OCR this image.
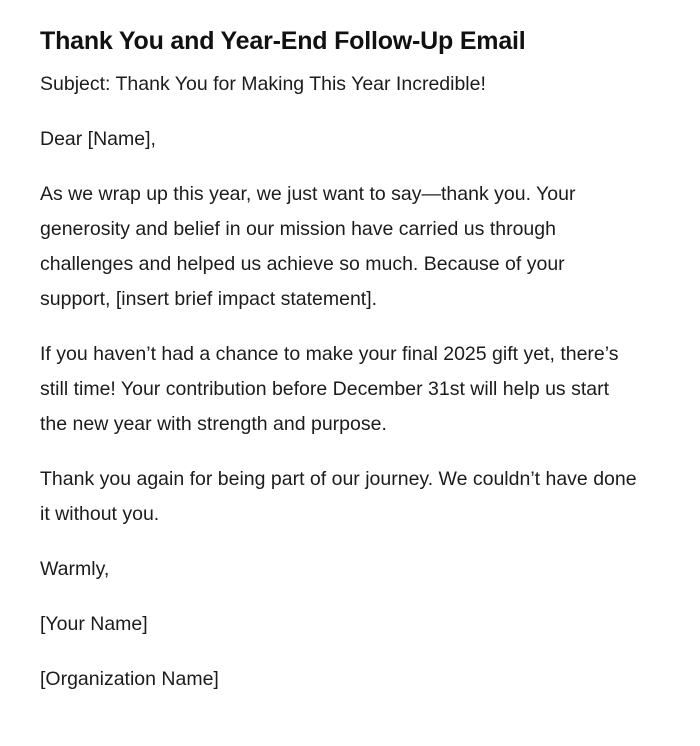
Thank You and Year-End Follow-Up Email

Subject: Thank You for Making This Year Incredible!

Dear [Name],

As we wrap up this year, we just want to say—thank you. Your generosity and belief in our mission have carried us through challenges and helped us achieve so much. Because of your support, [insert brief impact statement].

If you haven’t had a chance to make your final 2025 gift yet, there’s still time! Your contribution before December 31st will help us start the new year with strength and purpose.

Thank you again for being part of our journey. We couldn’t have done it without you.

Warmly,

[Your Name]

[Organization Name]
